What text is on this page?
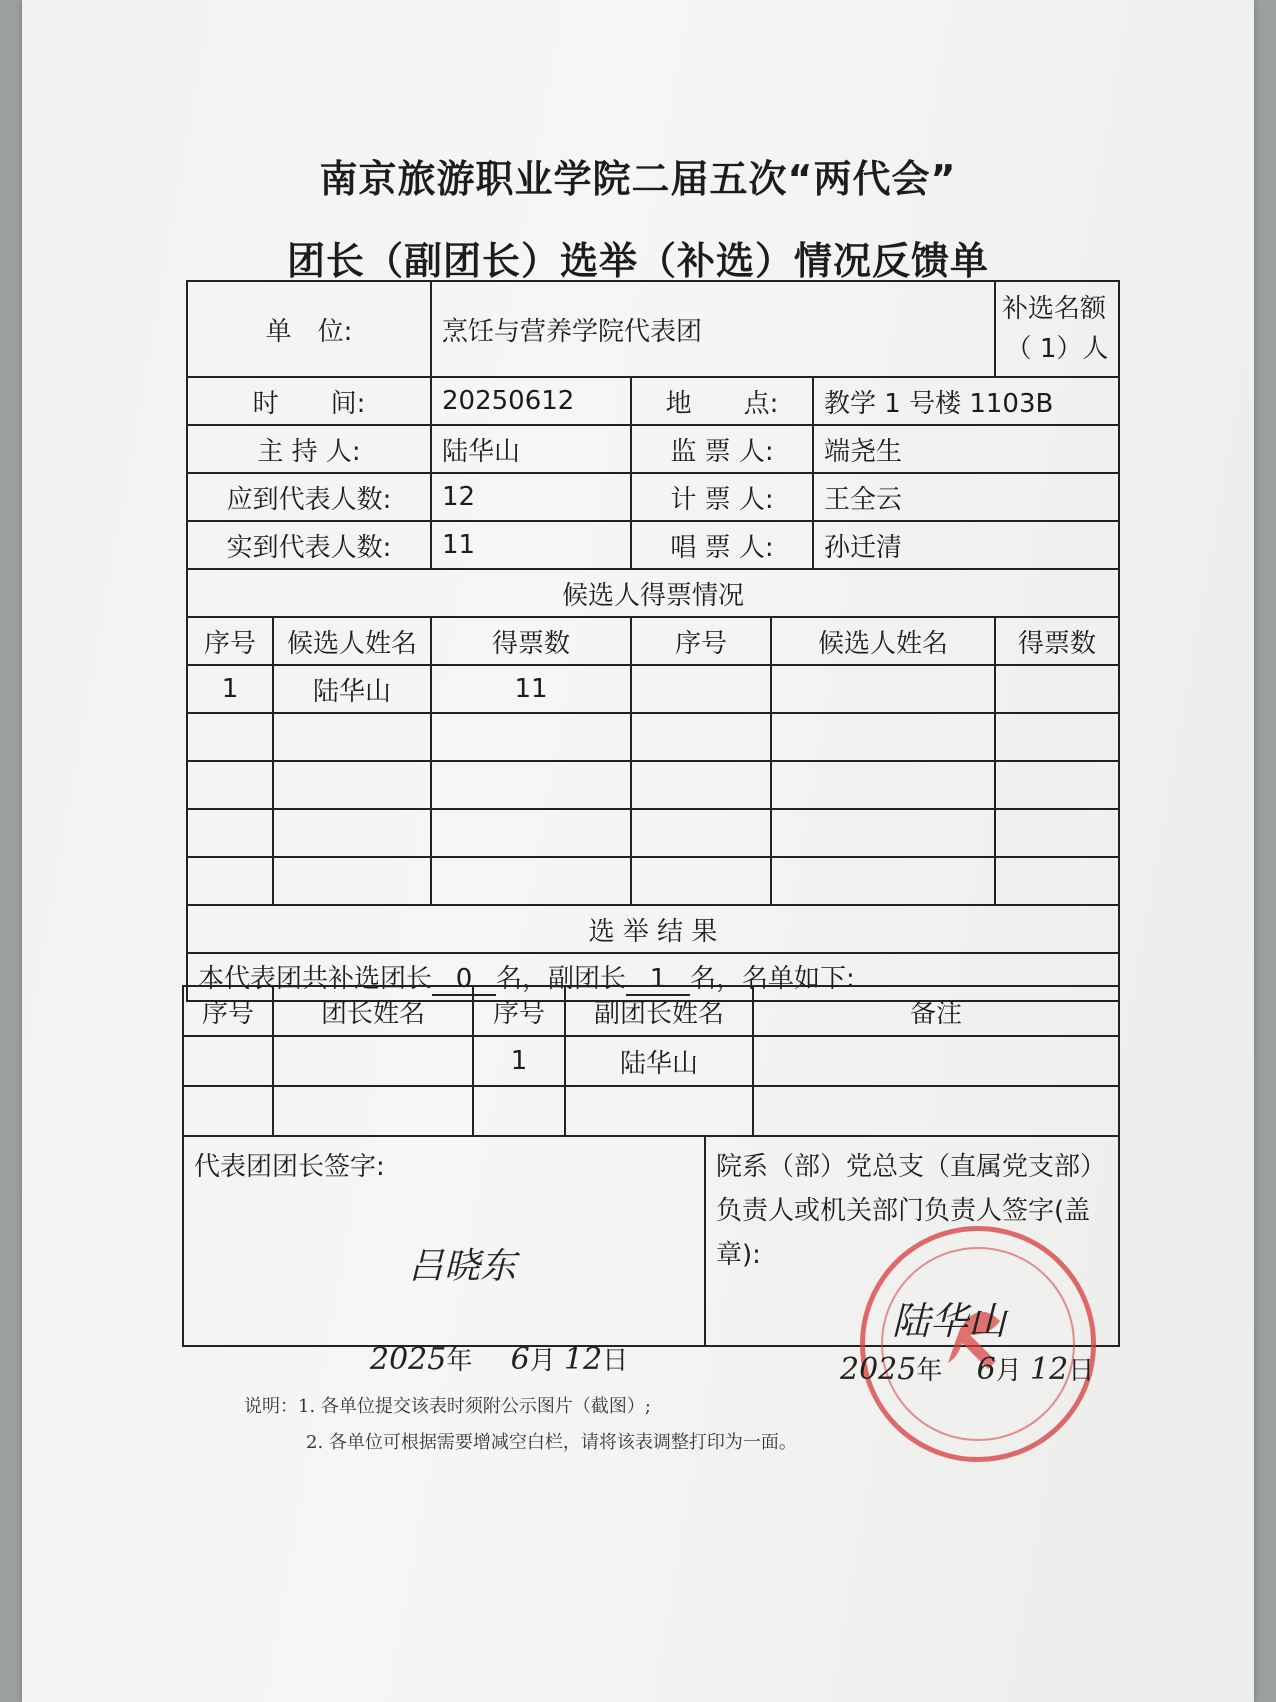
南京旅游职业学院二届五次“两代会”
团长（副团长）选举（补选）情况反馈单
单　位:		烹饪与营养学院代表团				补选名额
（ 1）人

时　　间:		20250612	地　　点:		教学 1 号楼 1103B	
主 持 人:		陆华山	监 票 人:		端尧生	
应到代表人数:		12	计 票 人:		王全云	
实到代表人数:		11	唱 票 人:		孙迁清	
候选人得票情况						
序号	候选人姓名	得票数	序号	候选人姓名		得票数
1	陆华山	11				

选 举 结 果						
本代表团共补选团长 0 名，副团长 1 名，名单如下:						
序号	团长姓名	序号	副团长姓名		备注
		1	陆华山		

代表团团长签字:				院系（部）党总支（直属党支部）负责人或机关部门负责人签字(盖章):	
吕晓东
2025年 6月 12日
陆华山
2025年 6月 12日
说明：1. 各单位提交该表时须附公示图片（截图）;
2. 各单位可根据需要增减空白栏，请将该表调整打印为一面。
